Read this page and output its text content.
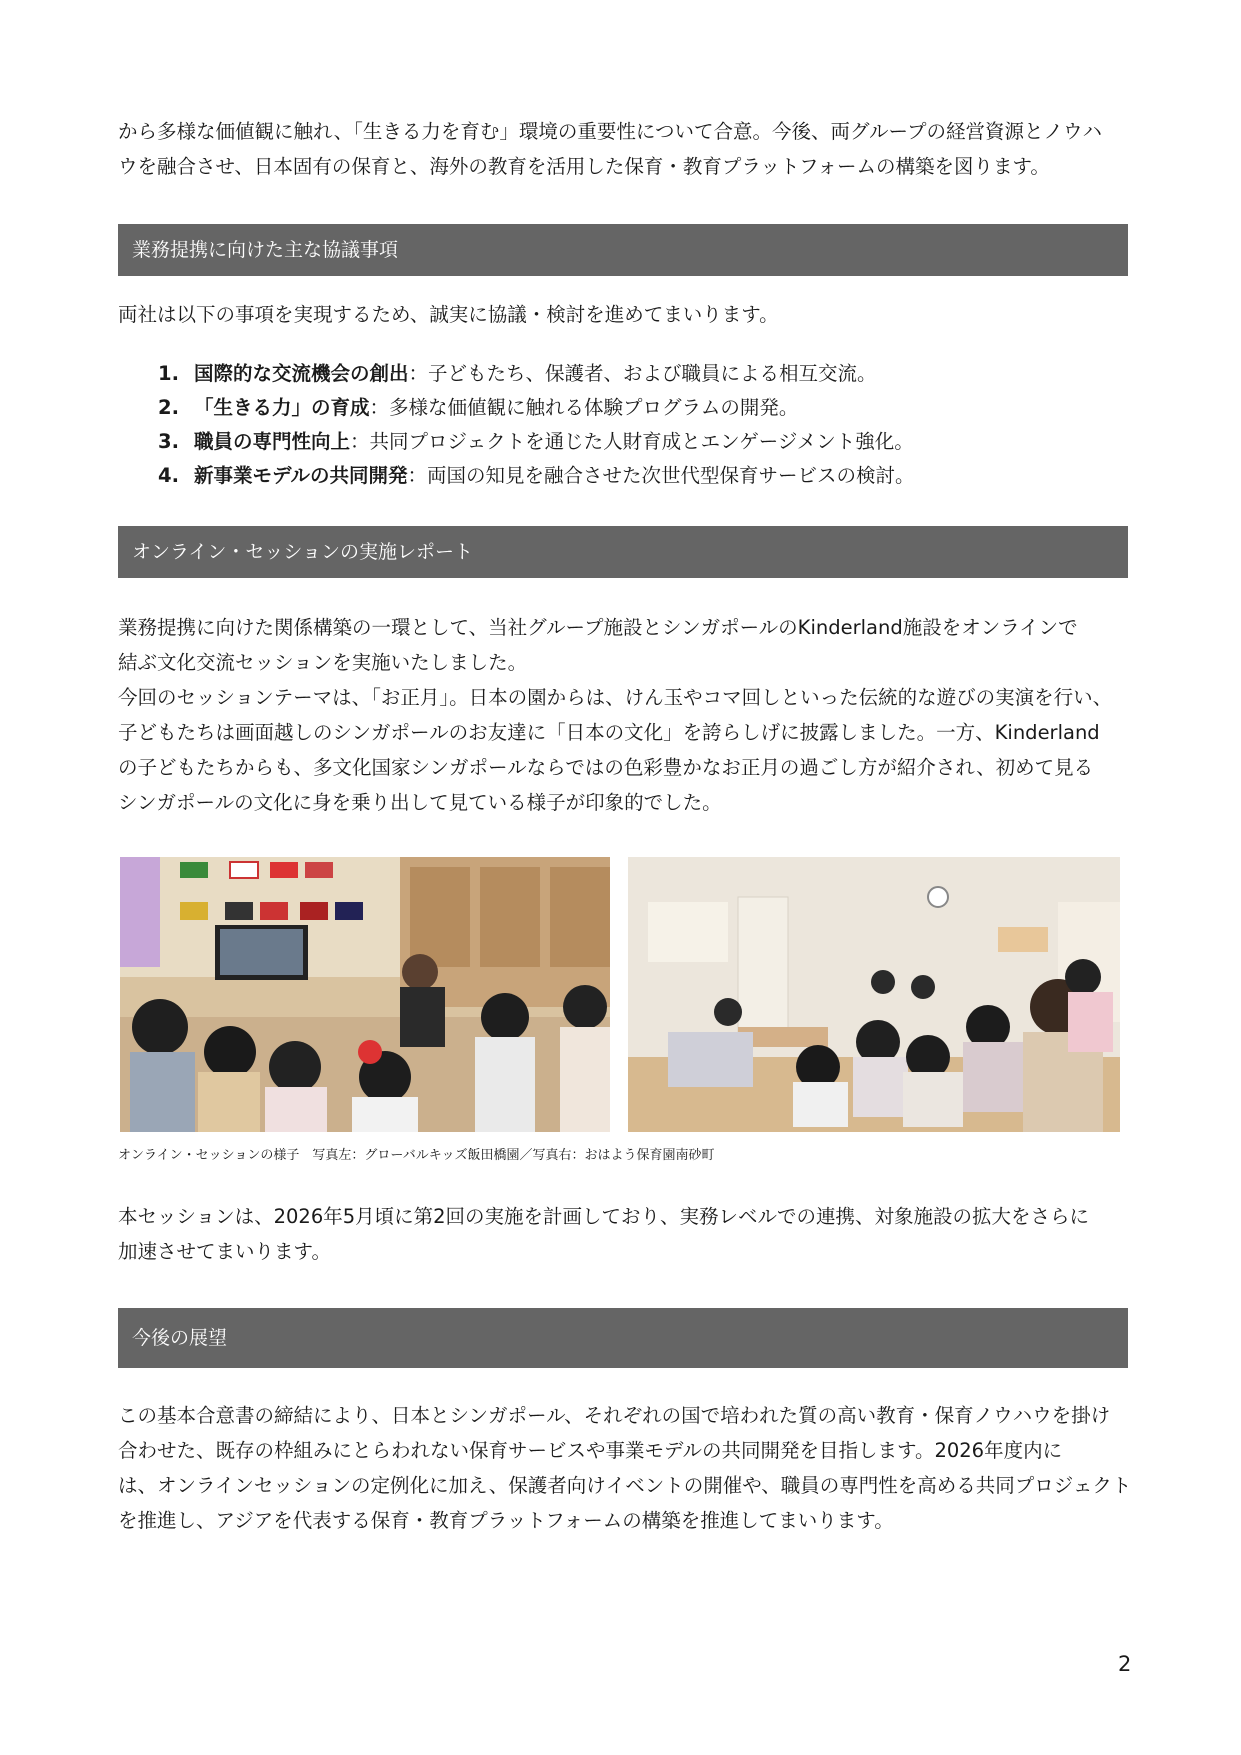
から多様な価値観に触れ、「生きる力を育む」環境の重要性について合意。今後、両グループの経営資源とノウハ

ウを融合させ、日本固有の保育と、海外の教育を活用した保育・教育プラットフォームの構築を図ります。

業務提携に向けた主な協議事項

両社は以下の事項を実現するため、誠実に協議・検討を進めてまいります。

1. 国際的な交流機会の創出：子どもたち、保護者、および職員による相互交流。
2. 「生きる力」の育成：多様な価値観に触れる体験プログラムの開発。
3. 職員の専門性向上：共同プロジェクトを通じた人財育成とエンゲージメント強化。
4. 新事業モデルの共同開発：両国の知見を融合させた次世代型保育サービスの検討。
オンライン・セッションの実施レポート

業務提携に向けた関係構築の一環として、当社グループ施設とシンガポールのKinderland施設をオンラインで

結ぶ文化交流セッションを実施いたしました。

今回のセッションテーマは、「お正月」。日本の園からは、けん玉やコマ回しといった伝統的な遊びの実演を行い、

子どもたちは画面越しのシンガポールのお友達に「日本の文化」を誇らしげに披露しました。一方、Kinderland

の子どもたちからも、多文化国家シンガポールならではの色彩豊かなお正月の過ごし方が紹介され、初めて見る

シンガポールの文化に身を乗り出して見ている様子が印象的でした。

オンライン・セッションの様子　写真左：グローバルキッズ飯田橋園／写真右：おはよう保育園南砂町

本セッションは、2026年5月頃に第2回の実施を計画しており、実務レベルでの連携、対象施設の拡大をさらに

加速させてまいります。

今後の展望

この基本合意書の締結により、日本とシンガポール、それぞれの国で培われた質の高い教育・保育ノウハウを掛け

合わせた、既存の枠組みにとらわれない保育サービスや事業モデルの共同開発を目指します。2026年度内に

は、オンラインセッションの定例化に加え、保護者向けイベントの開催や、職員の専門性を高める共同プロジェクト

を推進し、アジアを代表する保育・教育プラットフォームの構築を推進してまいります。

2
